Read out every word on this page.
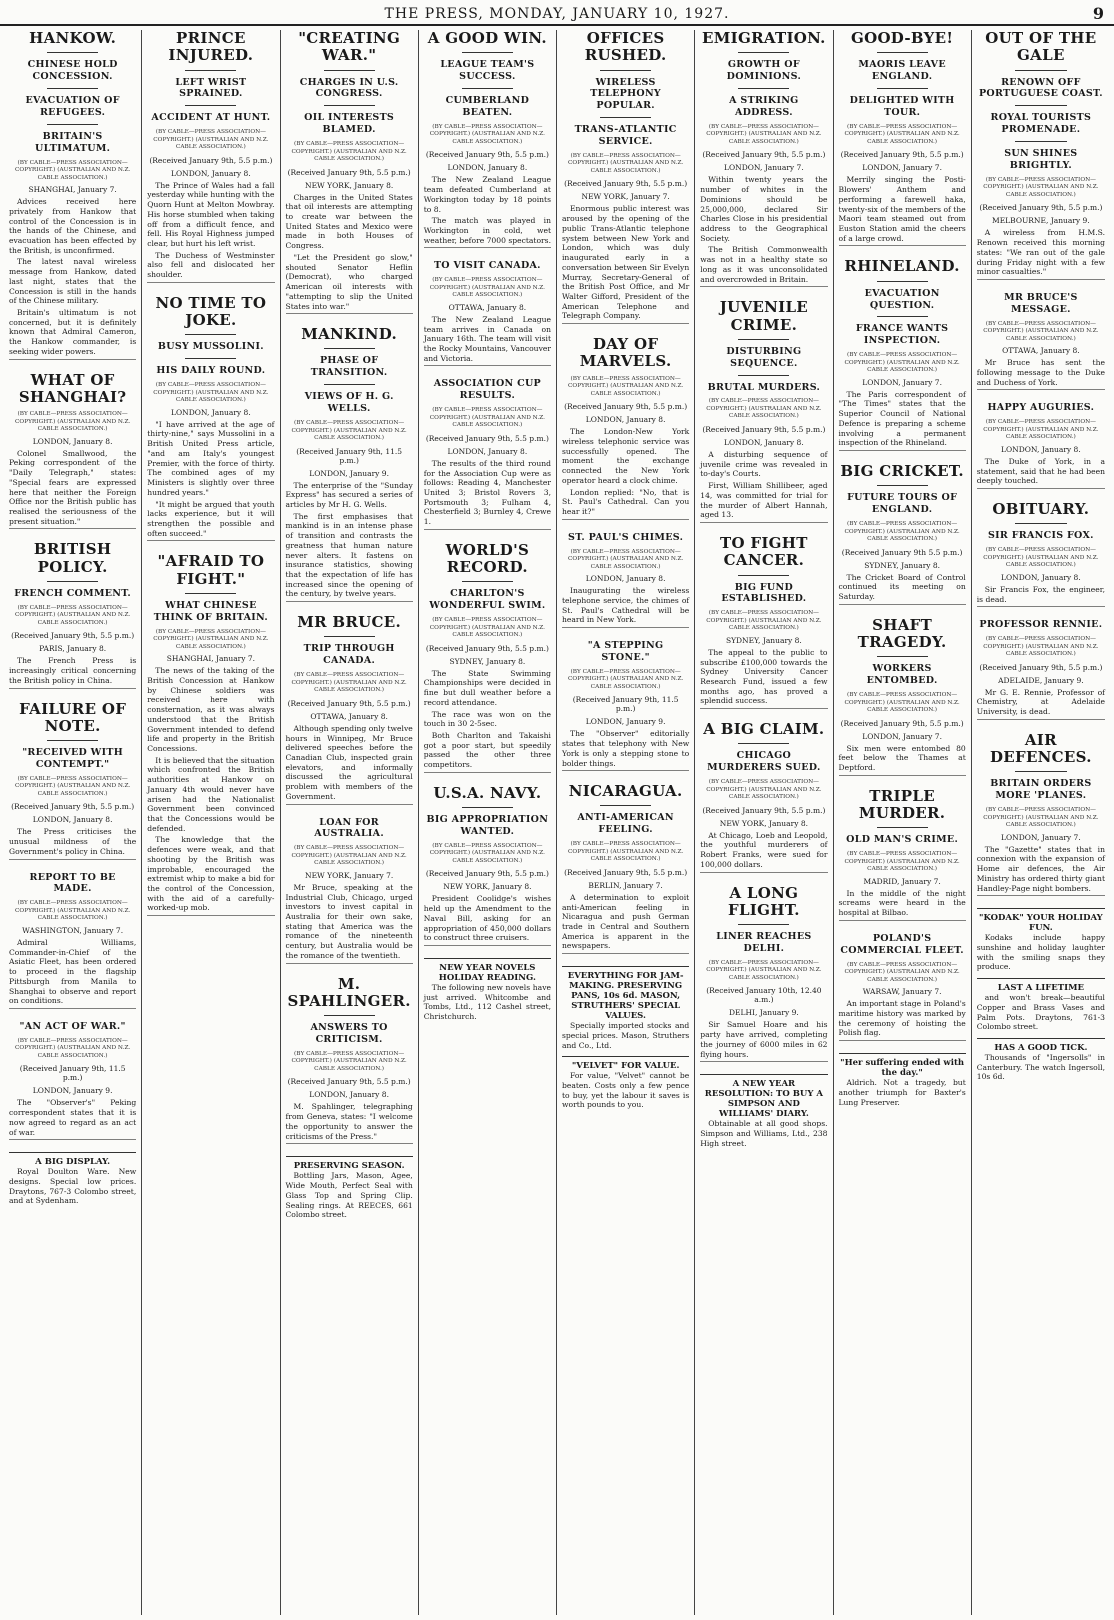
THE PRESS, MONDAY, JANUARY 10, 1927.	9
HANKOW.
CHINESE HOLD CONCESSION.
EVACUATION OF REFUGEES.
BRITAIN'S ULTIMATUM.
(BY CABLE—PRESS ASSOCIATION—COPYRIGHT.) (AUSTRALIAN AND N.Z. CABLE ASSOCIATION.)
SHANGHAI, January 7.

Advices received here privately from Hankow that control of the Concession is in the hands of the Chinese, and evacuation has been effected by the British, is unconfirmed.

The latest naval wireless message from Hankow, dated last night, states that the Concession is still in the hands of the Chinese military.

Britain's ultimatum is not concerned, but it is definitely known that Admiral Cameron, the Hankow commander, is seeking wider powers.

WHAT OF SHANGHAI?
(BY CABLE—PRESS ASSOCIATION—COPYRIGHT.) (AUSTRALIAN AND N.Z. CABLE ASSOCIATION.)
LONDON, January 8.

Colonel Smallwood, the Peking correspondent of the "Daily Telegraph," states: "Special fears are expressed here that neither the Foreign Office nor the British public has realised the seriousness of the present situation."

BRITISH POLICY.
FRENCH COMMENT.
(BY CABLE—PRESS ASSOCIATION—COPYRIGHT.) (AUSTRALIAN AND N.Z. CABLE ASSOCIATION.)
(Received January 9th, 5.5 p.m.)
PARIS, January 8.

The French Press is increasingly critical concerning the British policy in China.

FAILURE OF NOTE.
"RECEIVED WITH CONTEMPT."
(BY CABLE—PRESS ASSOCIATION—COPYRIGHT.) (AUSTRALIAN AND N.Z. CABLE ASSOCIATION.)
(Received January 9th, 5.5 p.m.)
LONDON, January 8.

The Press criticises the unusual mildness of the Government's policy in China.

REPORT TO BE MADE.
(BY CABLE—PRESS ASSOCIATION—COPYRIGHT.) (AUSTRALIAN AND N.Z. CABLE ASSOCIATION.)
WASHINGTON, January 7.

Admiral Williams, Commander-in-Chief of the Asiatic Fleet, has been ordered to proceed in the flagship Pittsburgh from Manila to Shanghai to observe and report on conditions.

"AN ACT OF WAR."
(BY CABLE—PRESS ASSOCIATION—COPYRIGHT.) (AUSTRALIAN AND N.Z. CABLE ASSOCIATION.)
(Received January 9th, 11.5 p.m.)
LONDON, January 9.

The "Observer's" Peking correspondent states that it is now agreed to regard as an act of war.

A BIG DISPLAY.

Royal Doulton Ware. New designs. Special low prices. Draytons, 767-3 Colombo street, and at Sydenham.

PRINCE INJURED.
LEFT WRIST SPRAINED.
ACCIDENT AT HUNT.
(BY CABLE—PRESS ASSOCIATION—COPYRIGHT.) (AUSTRALIAN AND N.Z. CABLE ASSOCIATION.)
(Received January 9th, 5.5 p.m.)
LONDON, January 8.

The Prince of Wales had a fall yesterday while hunting with the Quorn Hunt at Melton Mowbray. His horse stumbled when taking off from a difficult fence, and fell. His Royal Highness jumped clear, but hurt his left wrist.

The Duchess of Westminster also fell and dislocated her shoulder.

NO TIME TO JOKE.
BUSY MUSSOLINI.
HIS DAILY ROUND.
(BY CABLE—PRESS ASSOCIATION—COPYRIGHT.) (AUSTRALIAN AND N.Z. CABLE ASSOCIATION.)
LONDON, January 8.

"I have arrived at the age of thirty-nine," says Mussolini in a British United Press article, "and am Italy's youngest Premier, with the force of thirty. The combined ages of my Ministers is slightly over three hundred years."

"It might be argued that youth lacks experience, but it will strengthen the possible and often succeed."

"AFRAID TO FIGHT."
WHAT CHINESE THINK OF BRITAIN.
(BY CABLE—PRESS ASSOCIATION—COPYRIGHT.) (AUSTRALIAN AND N.Z. CABLE ASSOCIATION.)
SHANGHAI, January 7.

The news of the taking of the British Concession at Hankow by Chinese soldiers was received here with consternation, as it was always understood that the British Government intended to defend life and property in the British Concessions.

It is believed that the situation which confronted the British authorities at Hankow on January 4th would never have arisen had the Nationalist Government been convinced that the Concessions would be defended.

The knowledge that the defences were weak, and that shooting by the British was improbable, encouraged the extremist whip to make a bid for the control of the Concession, with the aid of a carefully-worked-up mob.

"CREATING WAR."
CHARGES IN U.S. CONGRESS.
OIL INTERESTS BLAMED.
(BY CABLE—PRESS ASSOCIATION—COPYRIGHT.) (AUSTRALIAN AND N.Z. CABLE ASSOCIATION.)
(Received January 9th, 5.5 p.m.)
NEW YORK, January 8.

Charges in the United States that oil interests are attempting to create war between the United States and Mexico were made in both Houses of Congress.

"Let the President go slow," shouted Senator Heflin (Democrat), who charged American oil interests with "attempting to slip the United States into war."

MANKIND.
PHASE OF TRANSITION.
VIEWS OF H. G. WELLS.
(BY CABLE—PRESS ASSOCIATION—COPYRIGHT.) (AUSTRALIAN AND N.Z. CABLE ASSOCIATION.)
(Received January 9th, 11.5 p.m.)
LONDON, January 9.

The enterprise of the "Sunday Express" has secured a series of articles by Mr H. G. Wells.

The first emphasises that mankind is in an intense phase of transition and contrasts the greatness that human nature never alters. It fastens on insurance statistics, showing that the expectation of life has increased since the opening of the century, by twelve years.

MR BRUCE.
TRIP THROUGH CANADA.
(BY CABLE—PRESS ASSOCIATION—COPYRIGHT.) (AUSTRALIAN AND N.Z. CABLE ASSOCIATION.)
(Received January 9th, 5.5 p.m.)
OTTAWA, January 8.

Although spending only twelve hours in Winnipeg, Mr Bruce delivered speeches before the Canadian Club, inspected grain elevators, and informally discussed the agricultural problem with members of the Government.

LOAN FOR AUSTRALIA.
(BY CABLE—PRESS ASSOCIATION—COPYRIGHT.) (AUSTRALIAN AND N.Z. CABLE ASSOCIATION.)
NEW YORK, January 7.

Mr Bruce, speaking at the Industrial Club, Chicago, urged investors to invest capital in Australia for their own sake, stating that America was the romance of the nineteenth century, but Australia would be the romance of the twentieth.

M. SPAHLINGER.
ANSWERS TO CRITICISM.
(BY CABLE—PRESS ASSOCIATION—COPYRIGHT.) (AUSTRALIAN AND N.Z. CABLE ASSOCIATION.)
(Received January 9th, 5.5 p.m.)
LONDON, January 8.

M. Spahlinger, telegraphing from Geneva, states: "I welcome the opportunity to answer the criticisms of the Press."

PRESERVING SEASON.

Bottling Jars, Mason, Agee, Wide Mouth, Perfect Seal with Glass Top and Spring Clip. Sealing rings. At REECES, 661 Colombo street.

A GOOD WIN.
LEAGUE TEAM'S SUCCESS.
CUMBERLAND BEATEN.
(BY CABLE—PRESS ASSOCIATION—COPYRIGHT.) (AUSTRALIAN AND N.Z. CABLE ASSOCIATION.)
(Received January 9th, 5.5 p.m.)
LONDON, January 8.

The New Zealand League team defeated Cumberland at Workington today by 18 points to 8.

The match was played in Workington in cold, wet weather, before 7000 spectators.

TO VISIT CANADA.
(BY CABLE—PRESS ASSOCIATION—COPYRIGHT.) (AUSTRALIAN AND N.Z. CABLE ASSOCIATION.)
OTTAWA, January 8.

The New Zealand League team arrives in Canada on January 16th. The team will visit the Rocky Mountains, Vancouver and Victoria.

ASSOCIATION CUP RESULTS.
(BY CABLE—PRESS ASSOCIATION—COPYRIGHT.) (AUSTRALIAN AND N.Z. CABLE ASSOCIATION.)
(Received January 9th, 5.5 p.m.)
LONDON, January 8.

The results of the third round for the Association Cup were as follows: Reading 4, Manchester United 3; Bristol Rovers 3, Portsmouth 3; Fulham 4, Chesterfield 3; Burnley 4, Crewe 1.

WORLD'S RECORD.
CHARLTON'S WONDERFUL SWIM.
(BY CABLE—PRESS ASSOCIATION—COPYRIGHT.) (AUSTRALIAN AND N.Z. CABLE ASSOCIATION.)
(Received January 9th, 5.5 p.m.)
SYDNEY, January 8.

The State Swimming Championships were decided in fine but dull weather before a record attendance.

The race was won on the touch in 30 2-5sec.

Both Charlton and Takaishi got a poor start, but speedily passed the other three competitors.

U.S.A. NAVY.
BIG APPROPRIATION WANTED.
(BY CABLE—PRESS ASSOCIATION—COPYRIGHT.) (AUSTRALIAN AND N.Z. CABLE ASSOCIATION.)
(Received January 9th, 5.5 p.m.)
NEW YORK, January 8.

President Coolidge's wishes held up the Amendment to the Naval Bill, asking for an appropriation of 450,000 dollars to construct three cruisers.

NEW YEAR NOVELS HOLIDAY READING.

The following new novels have just arrived. Whitcombe and Tombs, Ltd., 112 Cashel street, Christchurch.

OFFICES RUSHED.
WIRELESS TELEPHONY POPULAR.
TRANS-ATLANTIC SERVICE.
(BY CABLE—PRESS ASSOCIATION—COPYRIGHT.) (AUSTRALIAN AND N.Z. CABLE ASSOCIATION.)
(Received January 9th, 5.5 p.m.)
NEW YORK, January 7.

Enormous public interest was aroused by the opening of the public Trans-Atlantic telephone system between New York and London, which was duly inaugurated early in a conversation between Sir Evelyn Murray, Secretary-General of the British Post Office, and Mr Walter Gifford, President of the American Telephone and Telegraph Company.

DAY OF MARVELS.
(BY CABLE—PRESS ASSOCIATION—COPYRIGHT.) (AUSTRALIAN AND N.Z. CABLE ASSOCIATION.)
(Received January 9th, 5.5 p.m.)
LONDON, January 8.

The London-New York wireless telephonic service was successfully opened. The moment the exchange connected the New York operator heard a clock chime.

London replied: "No, that is St. Paul's Cathedral. Can you hear it?"

ST. PAUL'S CHIMES.
(BY CABLE—PRESS ASSOCIATION—COPYRIGHT.) (AUSTRALIAN AND N.Z. CABLE ASSOCIATION.)
LONDON, January 8.

Inaugurating the wireless telephone service, the chimes of St. Paul's Cathedral will be heard in New York.

"A STEPPING STONE."
(BY CABLE—PRESS ASSOCIATION—COPYRIGHT.) (AUSTRALIAN AND N.Z. CABLE ASSOCIATION.)
(Received January 9th, 11.5 p.m.)
LONDON, January 9.

The "Observer" editorially states that telephony with New York is only a stepping stone to bolder things.

NICARAGUA.
ANTI-AMERICAN FEELING.
(BY CABLE—PRESS ASSOCIATION—COPYRIGHT.) (AUSTRALIAN AND N.Z. CABLE ASSOCIATION.)
(Received January 9th, 5.5 p.m.)
BERLIN, January 7.

A determination to exploit anti-American feeling in Nicaragua and push German trade in Central and Southern America is apparent in the newspapers.

EVERYTHING FOR JAM-MAKING. PRESERVING PANS, 10s 6d. MASON, STRUTHERS' SPECIAL VALUES.

Specially imported stocks and special prices. Mason, Struthers and Co., Ltd.

"VELVET" FOR VALUE.

For value, "Velvet" cannot be beaten. Costs only a few pence to buy, yet the labour it saves is worth pounds to you.

EMIGRATION.
GROWTH OF DOMINIONS.
A STRIKING ADDRESS.
(BY CABLE—PRESS ASSOCIATION—COPYRIGHT.) (AUSTRALIAN AND N.Z. CABLE ASSOCIATION.)
(Received January 9th, 5.5 p.m.)
LONDON, January 7.

Within twenty years the number of whites in the Dominions should be 25,000,000, declared Sir Charles Close in his presidential address to the Geographical Society.

The British Commonwealth was not in a healthy state so long as it was unconsolidated and overcrowded in Britain.

JUVENILE CRIME.
DISTURBING SEQUENCE.
BRUTAL MURDERS.
(BY CABLE—PRESS ASSOCIATION—COPYRIGHT.) (AUSTRALIAN AND N.Z. CABLE ASSOCIATION.)
(Received January 9th, 5.5 p.m.)
LONDON, January 8.

A disturbing sequence of juvenile crime was revealed in to-day's Courts.

First, William Shillibeer, aged 14, was committed for trial for the murder of Albert Hannah, aged 13.

TO FIGHT CANCER.
BIG FUND ESTABLISHED.
(BY CABLE—PRESS ASSOCIATION—COPYRIGHT.) (AUSTRALIAN AND N.Z. CABLE ASSOCIATION.)
SYDNEY, January 8.

The appeal to the public to subscribe £100,000 towards the Sydney University Cancer Research Fund, issued a few months ago, has proved a splendid success.

A BIG CLAIM.
CHICAGO MURDERERS SUED.
(BY CABLE—PRESS ASSOCIATION—COPYRIGHT.) (AUSTRALIAN AND N.Z. CABLE ASSOCIATION.)
(Received January 9th, 5.5 p.m.)
NEW YORK, January 8.

At Chicago, Loeb and Leopold, the youthful murderers of Robert Franks, were sued for 100,000 dollars.

A LONG FLIGHT.
LINER REACHES DELHI.
(BY CABLE—PRESS ASSOCIATION—COPYRIGHT.) (AUSTRALIAN AND N.Z. CABLE ASSOCIATION.)
(Received January 10th, 12.40 a.m.)
DELHI, January 9.

Sir Samuel Hoare and his party have arrived, completing the journey of 6000 miles in 62 flying hours.

A NEW YEAR RESOLUTION: TO BUY A SIMPSON AND WILLIAMS' DIARY.

Obtainable at all good shops. Simpson and Williams, Ltd., 238 High street.

GOOD-BYE!
MAORIS LEAVE ENGLAND.
DELIGHTED WITH TOUR.
(BY CABLE—PRESS ASSOCIATION—COPYRIGHT.) (AUSTRALIAN AND N.Z. CABLE ASSOCIATION.)
(Received January 9th, 5.5 p.m.)
LONDON, January 7.

Merrily singing the Posti-Blowers' Anthem and performing a farewell haka, twenty-six of the members of the Maori team steamed out from Euston Station amid the cheers of a large crowd.

RHINELAND.
EVACUATION QUESTION.
FRANCE WANTS INSPECTION.
(BY CABLE—PRESS ASSOCIATION—COPYRIGHT.) (AUSTRALIAN AND N.Z. CABLE ASSOCIATION.)
LONDON, January 7.

The Paris correspondent of "The Times" states that the Superior Council of National Defence is preparing a scheme involving a permanent inspection of the Rhineland.

BIG CRICKET.
FUTURE TOURS OF ENGLAND.
(BY CABLE—PRESS ASSOCIATION—COPYRIGHT.) (AUSTRALIAN AND N.Z. CABLE ASSOCIATION.)
(Received January 9th 5.5 p.m.)
SYDNEY, January 8.

The Cricket Board of Control continued its meeting on Saturday.

SHAFT TRAGEDY.
WORKERS ENTOMBED.
(BY CABLE—PRESS ASSOCIATION—COPYRIGHT.) (AUSTRALIAN AND N.Z. CABLE ASSOCIATION.)
(Received January 9th, 5.5 p.m.)
LONDON, January 7.

Six men were entombed 80 feet below the Thames at Deptford.

TRIPLE MURDER.
OLD MAN'S CRIME.
(BY CABLE—PRESS ASSOCIATION—COPYRIGHT.) (AUSTRALIAN AND N.Z. CABLE ASSOCIATION.)
MADRID, January 7.

In the middle of the night screams were heard in the hospital at Bilbao.

POLAND'S COMMERCIAL FLEET.
(BY CABLE—PRESS ASSOCIATION—COPYRIGHT.) (AUSTRALIAN AND N.Z. CABLE ASSOCIATION.)
WARSAW, January 7.

An important stage in Poland's maritime history was marked by the ceremony of hoisting the Polish flag.

"Her suffering ended with the day."

Aldrich. Not a tragedy, but another triumph for Baxter's Lung Preserver.

OUT OF THE GALE
RENOWN OFF PORTUGUESE COAST.
ROYAL TOURISTS PROMENADE.
SUN SHINES BRIGHTLY.
(BY CABLE—PRESS ASSOCIATION—COPYRIGHT.) (AUSTRALIAN AND N.Z. CABLE ASSOCIATION.)
(Received January 9th, 5.5 p.m.)
MELBOURNE, January 9.

A wireless from H.M.S. Renown received this morning states: "We ran out of the gale during Friday night with a few minor casualties."

MR BRUCE'S MESSAGE.
(BY CABLE—PRESS ASSOCIATION—COPYRIGHT.) (AUSTRALIAN AND N.Z. CABLE ASSOCIATION.)
OTTAWA, January 8.

Mr Bruce has sent the following message to the Duke and Duchess of York.

HAPPY AUGURIES.
(BY CABLE—PRESS ASSOCIATION—COPYRIGHT.) (AUSTRALIAN AND N.Z. CABLE ASSOCIATION.)
LONDON, January 8.

The Duke of York, in a statement, said that he had been deeply touched.

OBITUARY.
SIR FRANCIS FOX.
(BY CABLE—PRESS ASSOCIATION—COPYRIGHT.) (AUSTRALIAN AND N.Z. CABLE ASSOCIATION.)
LONDON, January 8.

Sir Francis Fox, the engineer, is dead.

PROFESSOR RENNIE.
(BY CABLE—PRESS ASSOCIATION—COPYRIGHT.) (AUSTRALIAN AND N.Z. CABLE ASSOCIATION.)
(Received January 9th, 5.5 p.m.)
ADELAIDE, January 9.

Mr G. E. Rennie, Professor of Chemistry, at Adelaide University, is dead.

AIR DEFENCES.
BRITAIN ORDERS MORE 'PLANES.
(BY CABLE—PRESS ASSOCIATION—COPYRIGHT.) (AUSTRALIAN AND N.Z. CABLE ASSOCIATION.)
LONDON, January 7.

The "Gazette" states that in connexion with the expansion of Home air defences, the Air Ministry has ordered thirty giant Handley-Page night bombers.

"KODAK" YOUR HOLIDAY FUN.

Kodaks include happy sunshine and holiday laughter with the smiling snaps they produce.

LAST A LIFETIME

and won't break—beautiful Copper and Brass Vases and Palm Pots. Draytons, 761-3 Colombo street.

HAS A GOOD TICK.

Thousands of "Ingersolls" in Canterbury. The watch Ingersoll, 10s 6d.
